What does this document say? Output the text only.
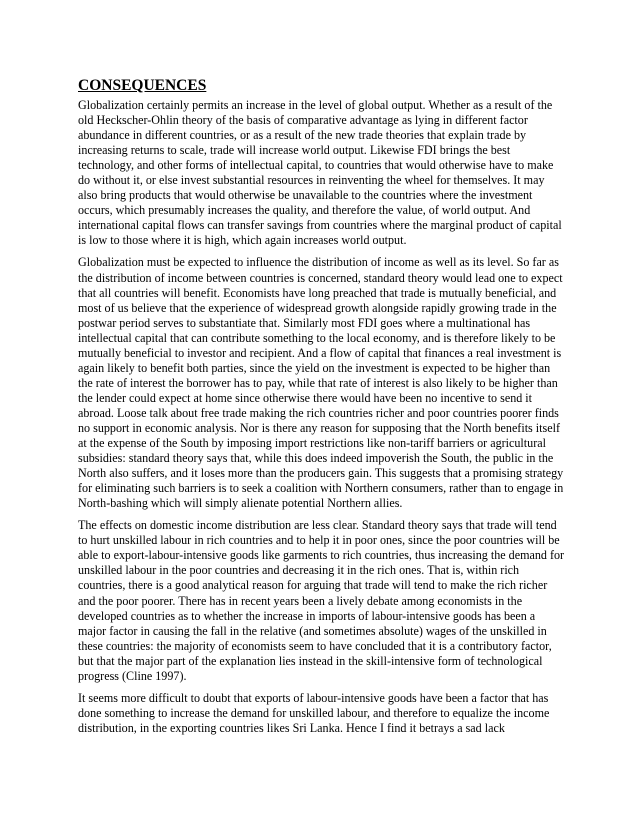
CONSEQUENCES

Globalization certainly permits an increase in the level of global output. Whether as a result of the old Heckscher-Ohlin theory of the basis of comparative advantage as lying in different factor abundance in different countries, or as a result of the new trade theories that explain trade by increasing returns to scale, trade will increase world output. Likewise FDI brings the best technology, and other forms of intellectual capital, to countries that would otherwise have to make do without it, or else invest substantial resources in reinventing the wheel for themselves. It may also bring products that would otherwise be unavailable to the countries where the investment occurs, which presumably increases the quality, and therefore the value, of world output. And international capital flows can transfer savings from countries where the marginal product of capital is low to those where it is high, which again increases world output.

Globalization must be expected to influence the distribution of income as well as its level. So far as the distribution of income between countries is concerned, standard theory would lead one to expect that all countries will benefit. Economists have long preached that trade is mutually beneficial, and most of us believe that the experience of widespread growth alongside rapidly growing trade in the postwar period serves to substantiate that. Similarly most FDI goes where a multinational has intellectual capital that can contribute something to the local economy, and is therefore likely to be mutually beneficial to investor and recipient. And a flow of capital that finances a real investment is again likely to benefit both parties, since the yield on the investment is expected to be higher than the rate of interest the borrower has to pay, while that rate of interest is also likely to be higher than the lender could expect at home since otherwise there would have been no incentive to send it abroad. Loose talk about free trade making the rich countries richer and poor countries poorer finds no support in economic analysis. Nor is there any reason for supposing that the North benefits itself at the expense of the South by imposing import restrictions like non-tariff barriers or agricultural subsidies: standard theory says that, while this does indeed impoverish the South, the public in the North also suffers, and it loses more than the producers gain. This suggests that a promising strategy for eliminating such barriers is to seek a coalition with Northern consumers, rather than to engage in North-bashing which will simply alienate potential Northern allies.

The effects on domestic income distribution are less clear. Standard theory says that trade will tend to hurt unskilled labour in rich countries and to help it in poor ones, since the poor countries will be able to export-labour-intensive goods like garments to rich countries, thus increasing the demand for unskilled labour in the poor countries and decreasing it in the rich ones. That is, within rich countries, there is a good analytical reason for arguing that trade will tend to make the rich richer and the poor poorer. There has in recent years been a lively debate among economists in the developed countries as to whether the increase in imports of labour-intensive goods has been a major factor in causing the fall in the relative (and sometimes absolute) wages of the unskilled in these countries: the majority of economists seem to have concluded that it is a contributory factor, but that the major part of the explanation lies instead in the skill-intensive form of technological progress (Cline 1997).

It seems more difficult to doubt that exports of labour-intensive goods have been a factor that has done something to increase the demand for unskilled labour, and therefore to equalize the income distribution, in the exporting countries likes Sri Lanka. Hence I find it betrays a sad lack
